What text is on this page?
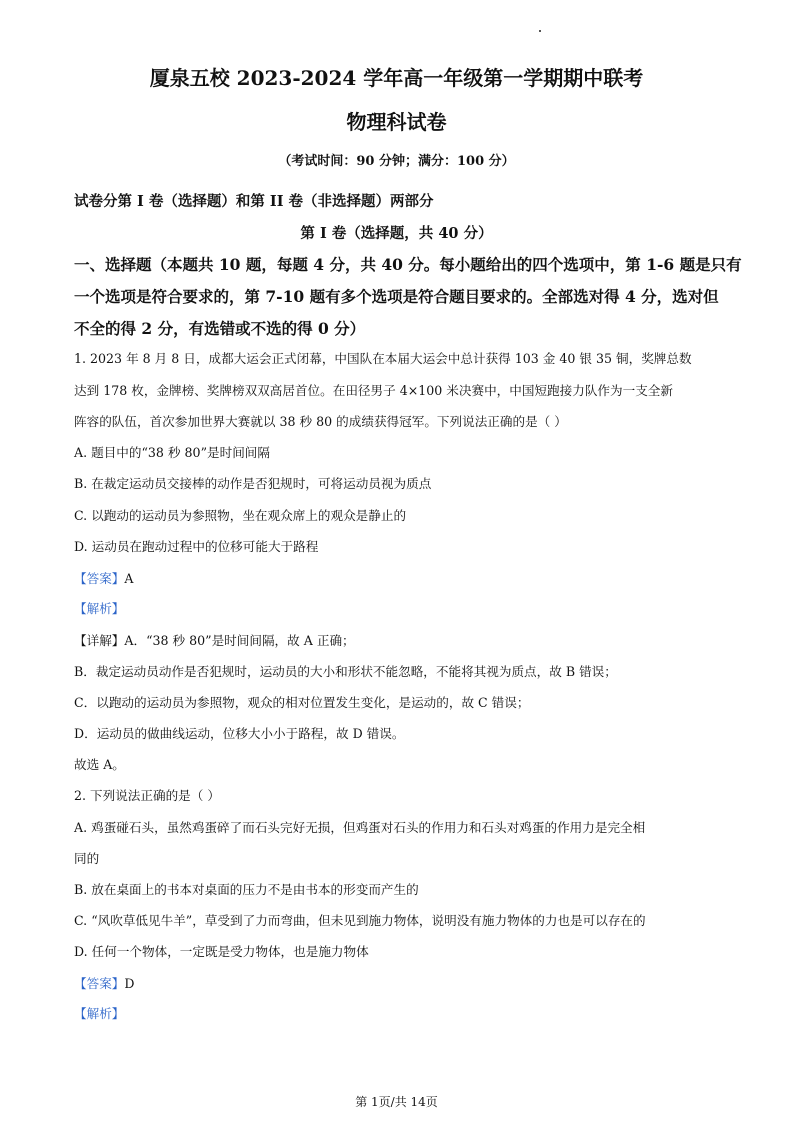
厦泉五校 2023-2024 学年高一年级第一学期期中联考
物理科试卷
（考试时间：90 分钟；满分：100 分）
试卷分第 I 卷（选择题）和第 II 卷（非选择题）两部分
第 I 卷（选择题，共 40 分）
一、选择题（本题共 10 题，每题 4 分，共 40 分。每小题给出的四个选项中，第 1-6 题是只有
一个选项是符合要求的，第 7-10 题有多个选项是符合题目要求的。全部选对得 4 分，选对但
不全的得 2 分，有选错或不选的得 0 分）
1. 2023 年 8 月 8 日，成都大运会正式闭幕，中国队在本届大运会中总计获得 103 金 40 银 35 铜，奖牌总数
达到 178 枚，金牌榜、奖牌榜双双高居首位。在田径男子 4×100 米决赛中，中国短跑接力队作为一支全新
阵容的队伍，首次参加世界大赛就以 38 秒 80 的成绩获得冠军。下列说法正确的是（ ）
A. 题目中的“38 秒 80”是时间间隔
B. 在裁定运动员交接棒的动作是否犯规时，可将运动员视为质点
C. 以跑动的运动员为参照物，坐在观众席上的观众是静止的
D. 运动员在跑动过程中的位移可能大于路程
【答案】A
【解析】
【详解】A．“38 秒 80”是时间间隔，故 A 正确；
B．裁定运动员动作是否犯规时，运动员的大小和形状不能忽略，不能将其视为质点，故 B 错误；
C．以跑动的运动员为参照物，观众的相对位置发生变化，是运动的，故 C 错误；
D．运动员的做曲线运动，位移大小小于路程，故 D 错误。
故选 A。
2. 下列说法正确的是（ ）
A. 鸡蛋碰石头，虽然鸡蛋碎了而石头完好无损，但鸡蛋对石头的作用力和石头对鸡蛋的作用力是完全相
同的
B. 放在桌面上的书本对桌面的压力不是由书本的形变而产生的
C. “风吹草低见牛羊”，草受到了力而弯曲，但未见到施力物体，说明没有施力物体的力也是可以存在的
D. 任何一个物体，一定既是受力物体，也是施力物体
【答案】D
【解析】
第 1页/共 14页
